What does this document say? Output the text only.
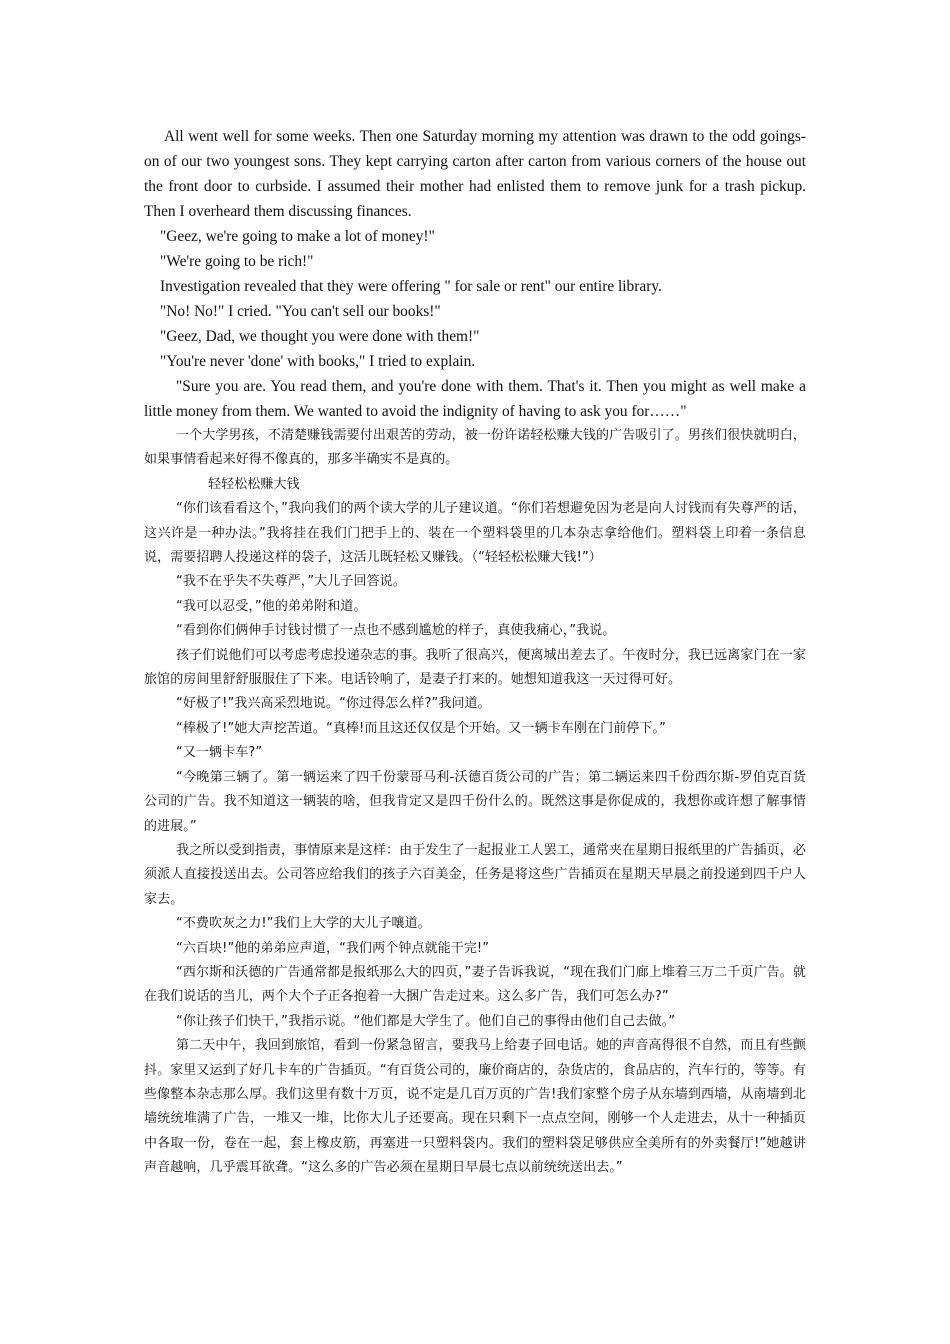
All went well for some weeks. Then one Saturday morning my attention was drawn to the odd goings-on of our two youngest sons. They kept carrying carton after carton from various corners of the house out the front door to curbside. I assumed their mother had enlisted them to remove junk for a trash pickup. Then I overheard them discussing finances.

"Geez, we're going to make a lot of money!"

"We're going to be rich!"

Investigation revealed that they were offering " for sale or rent" our entire library.

"No! No!" I cried. "You can't sell our books!"

"Geez, Dad, we thought you were done with them!"

"You're never 'done' with books," I tried to explain.

"Sure you are. You read them, and you're done with them. That's it. Then you might as well make a little money from them. We wanted to avoid the indignity of having to ask you for……"

一个大学男孩，不清楚赚钱需要付出艰苦的劳动，被一份许诺轻松赚大钱的广告吸引了。男孩们很快就明白，如果事情看起来好得不像真的，那多半确实不是真的。

轻轻松松赚大钱

“你们该看看这个，”我向我们的两个读大学的儿子建议道。“你们若想避免因为老是向人讨钱而有失尊严的话，这兴许是一种办法。”我将挂在我们门把手上的、装在一个塑料袋里的几本杂志拿给他们。塑料袋上印着一条信息说，需要招聘人投递这样的袋子，这活儿既轻松又赚钱。（“轻轻松松赚大钱!”）

“我不在乎失不失尊严，”大儿子回答说。

“我可以忍受，”他的弟弟附和道。

“看到你们俩伸手讨钱讨惯了一点也不感到尴尬的样子，真使我痛心，”我说。

孩子们说他们可以考虑考虑投递杂志的事。我听了很高兴，便离城出差去了。午夜时分，我已远离家门在一家旅馆的房间里舒舒服服住了下来。电话铃响了，是妻子打来的。她想知道我这一天过得可好。

“好极了!”我兴高采烈地说。“你过得怎么样?”我问道。

“棒极了!”她大声挖苦道。“真棒!而且这还仅仅是个开始。又一辆卡车刚在门前停下。”

“又一辆卡车?”

“今晚第三辆了。第一辆运来了四千份蒙哥马利-沃德百货公司的广告；第二辆运来四千份西尔斯-罗伯克百货公司的广告。我不知道这一辆装的啥，但我肯定又是四千份什么的。既然这事是你促成的，我想你或许想了解事情的进展。”

我之所以受到指责，事情原来是这样：由于发生了一起报业工人罢工，通常夹在星期日报纸里的广告插页，必须派人直接投送出去。公司答应给我们的孩子六百美金，任务是将这些广告插页在星期天早晨之前投递到四千户人家去。

“不费吹灰之力!”我们上大学的大儿子嚷道。

“六百块!”他的弟弟应声道，“我们两个钟点就能干完!”

“西尔斯和沃德的广告通常都是报纸那么大的四页，”妻子告诉我说，“现在我们门廊上堆着三万二千页广告。就在我们说话的当儿，两个大个子正各抱着一大捆广告走过来。这么多广告，我们可怎么办?”

“你让孩子们快干，”我指示说。“他们都是大学生了。他们自己的事得由他们自己去做。”

第二天中午，我回到旅馆，看到一份紧急留言，要我马上给妻子回电话。她的声音高得很不自然，而且有些颤抖。家里又运到了好几卡车的广告插页。“有百货公司的，廉价商店的，杂货店的，食品店的，汽车行的，等等。有些像整本杂志那么厚。我们这里有数十万页，说不定是几百万页的广告!我们家整个房子从东墙到西墙，从南墙到北墙统统堆满了广告，一堆又一堆，比你大儿子还要高。现在只剩下一点点空间，刚够一个人走进去，从十一种插页中各取一份，卷在一起，套上橡皮筋，再塞进一只塑料袋内。我们的塑料袋足够供应全美所有的外卖餐厅!”她越讲声音越响，几乎震耳欲聋。“这么多的广告必须在星期日早晨七点以前统统送出去。”
